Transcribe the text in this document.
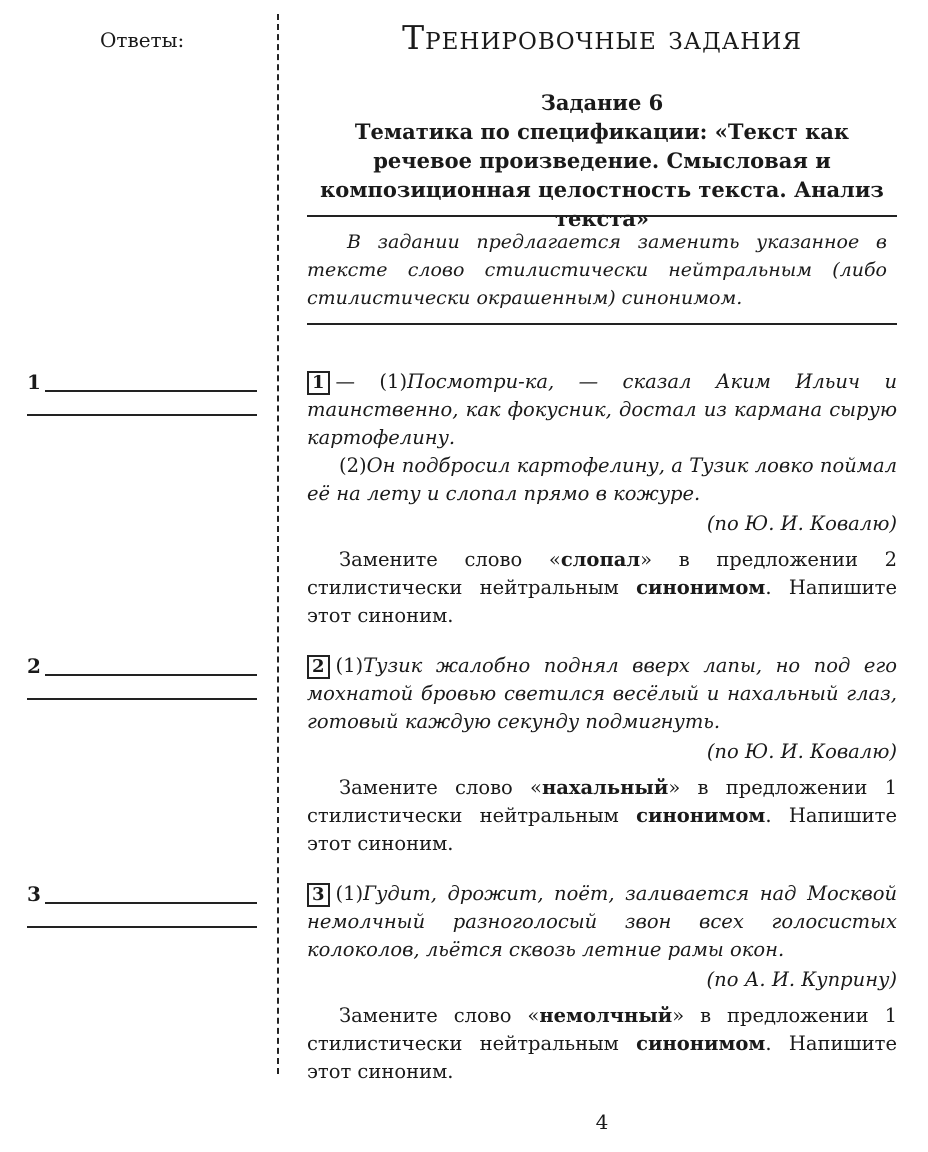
Ответы:
1
2
3
Тренировочные задания
Задание 6
Тематика по спецификации: «Текст как речевое произведение. Смысловая и композиционная целостность текста. Анализ текста»
В задании предлагается заменить указанное в тексте слово стилистически нейтральным (либо стилистически окрашенным) синонимом.

1 — (1)Посмотри-ка, — сказал Аким Ильич и таинственно, как фокусник, достал из кармана сырую картофелину.

(2)Он подбросил картофелину, а Тузик ловко поймал её на лету и слопал прямо в кожуре.

(по Ю. И. Ковалю)

Замените слово «слопал» в предложении 2 стилистически нейтральным синонимом. Напишите этот синоним.

2 (1)Тузик жалобно поднял вверх лапы, но под его мохнатой бровью светился весёлый и нахальный глаз, готовый каждую секунду подмигнуть.

(по Ю. И. Ковалю)

Замените слово «нахальный» в предложении 1 стилистически нейтральным синонимом. Напишите этот синоним.

3 (1)Гудит, дрожит, поёт, заливается над Москвой немолчный разноголосый звон всех голосистых колоколов, льётся сквозь летние рамы окон.

(по А. И. Куприну)

Замените слово «немолчный» в предложении 1 стилистически нейтральным синонимом. Напишите этот синоним.

4
